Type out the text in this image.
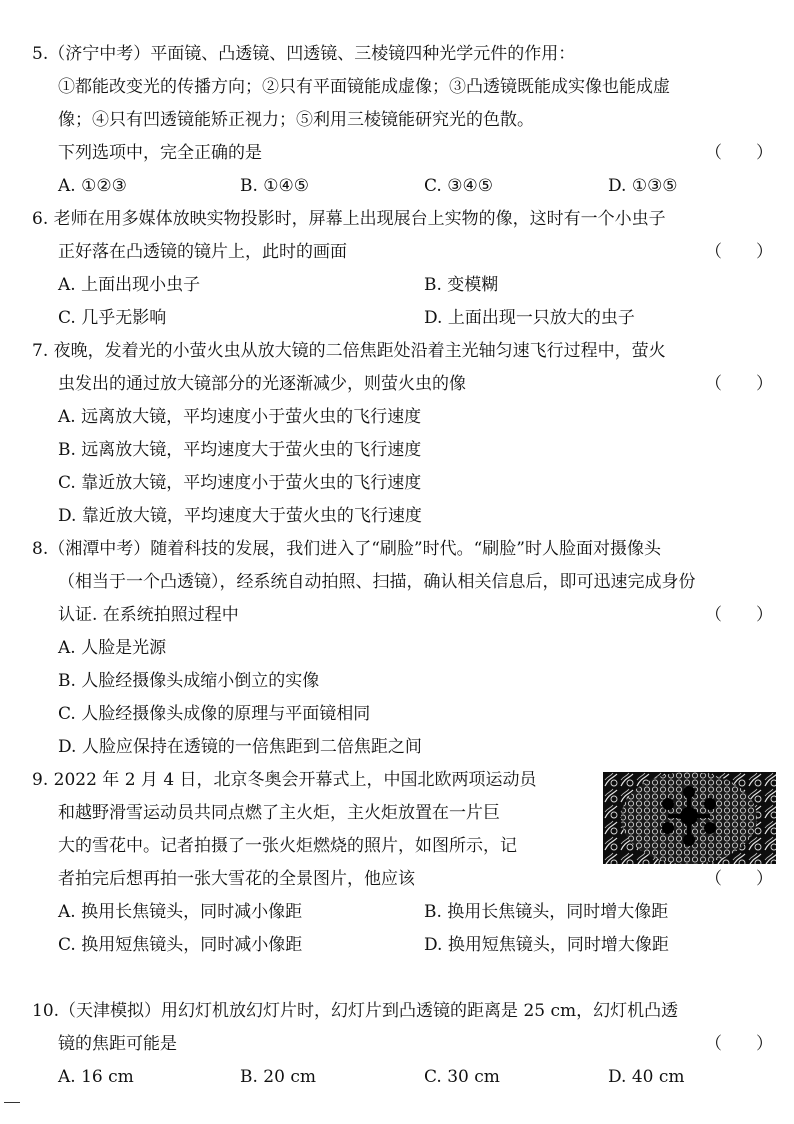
5.（济宁中考）平面镜、凸透镜、凹透镜、三棱镜四种光学元件的作用：
①都能改变光的传播方向；②只有平面镜能成虚像；③凸透镜既能成实像也能成虚
像；④只有凹透镜能矫正视力；⑤利用三棱镜能研究光的色散。
下列选项中，完全正确的是	（　　）
A. ①②③	B. ①④⑤	C. ③④⑤	D. ①③⑤
6. 老师在用多媒体放映实物投影时，屏幕上出现展台上实物的像，这时有一个小虫子
正好落在凸透镜的镜片上，此时的画面	（　　）
A. 上面出现小虫子	B. 变模糊
C. 几乎无影响	D. 上面出现一只放大的虫子
7. 夜晚，发着光的小萤火虫从放大镜的二倍焦距处沿着主光轴匀速飞行过程中，萤火
虫发出的通过放大镜部分的光逐渐减少，则萤火虫的像	（　　）
A. 远离放大镜，平均速度小于萤火虫的飞行速度
B. 远离放大镜，平均速度大于萤火虫的飞行速度
C. 靠近放大镜，平均速度小于萤火虫的飞行速度
D. 靠近放大镜，平均速度大于萤火虫的飞行速度
8.（湘潭中考）随着科技的发展，我们进入了“刷脸”时代。“刷脸”时人脸面对摄像头
（相当于一个凸透镜），经系统自动拍照、扫描，确认相关信息后，即可迅速完成身份
认证. 在系统拍照过程中	（　　）
A. 人脸是光源
B. 人脸经摄像头成缩小倒立的实像
C. 人脸经摄像头成像的原理与平面镜相同
D. 人脸应保持在透镜的一倍焦距到二倍焦距之间
9. 2022 年 2 月 4 日，北京冬奥会开幕式上，中国北欧两项运动员
和越野滑雪运动员共同点燃了主火炬，主火炬放置在一片巨
大的雪花中。记者拍摄了一张火炬燃烧的照片，如图所示，记
者拍完后想再拍一张大雪花的全景图片，他应该	（　　）
A. 换用长焦镜头，同时减小像距	B. 换用长焦镜头，同时增大像距
C. 换用短焦镜头，同时减小像距	D. 换用短焦镜头，同时增大像距
10.（天津模拟）用幻灯机放幻灯片时，幻灯片到凸透镜的距离是 25 cm，幻灯机凸透
镜的焦距可能是	（　　）
A. 16 cm	B. 20 cm	C. 30 cm	D. 40 cm
